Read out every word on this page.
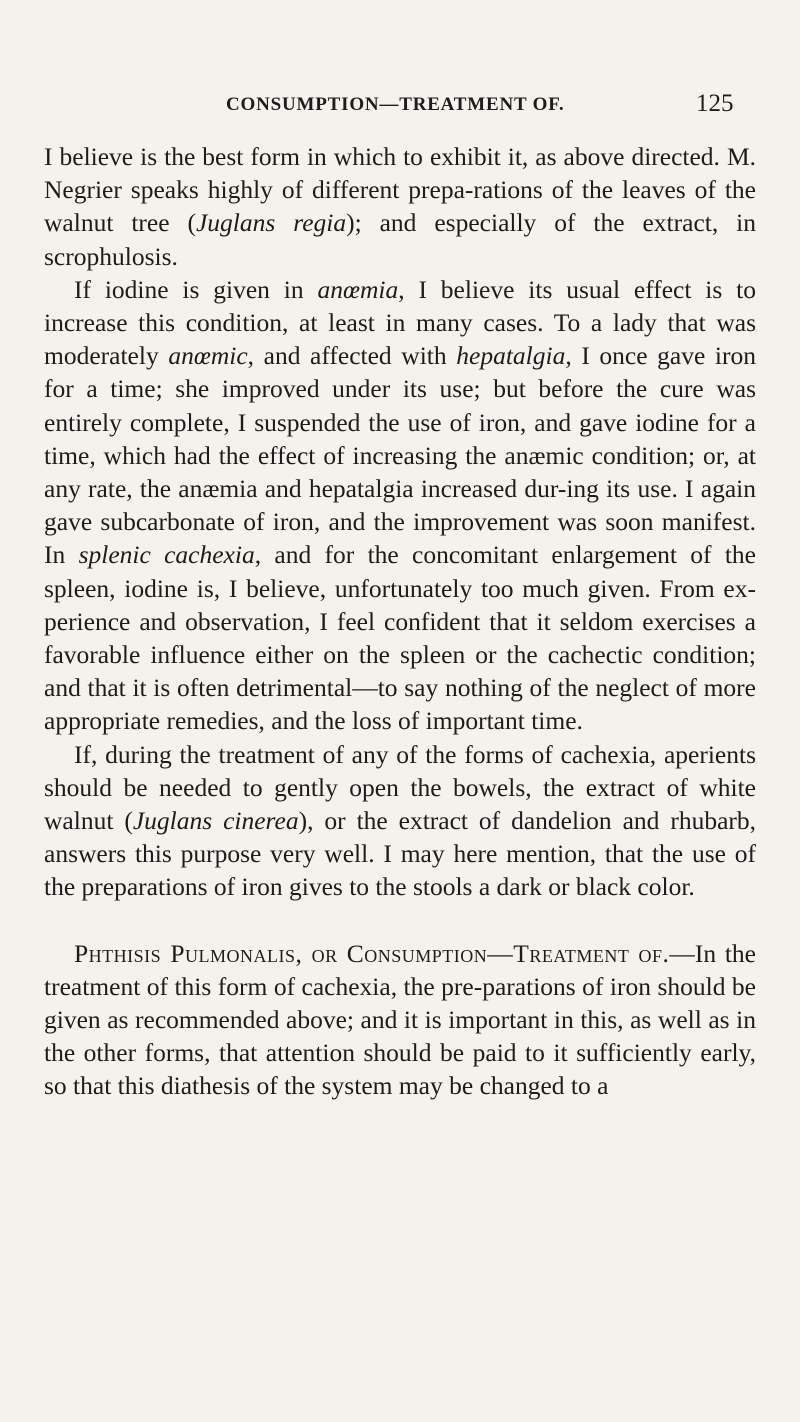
CONSUMPTION—TREATMENT OF.	125

I believe is the best form in which to exhibit it, as above directed. M. Negrier speaks highly of different prepa-rations of the leaves of the walnut tree (Juglans regia); and especially of the extract, in scrophulosis.

If iodine is given in anœmia, I believe its usual effect is to increase this condition, at least in many cases. To a lady that was moderately anœmic, and affected with hepatalgia, I once gave iron for a time; she improved under its use; but before the cure was entirely complete, I suspended the use of iron, and gave iodine for a time, which had the effect of increasing the anæmic condition; or, at any rate, the anæmia and hepatalgia increased dur-ing its use. I again gave subcarbonate of iron, and the improvement was soon manifest. In splenic cachexia, and for the concomitant enlargement of the spleen, iodine is, I believe, unfortunately too much given. From ex-perience and observation, I feel confident that it seldom exercises a favorable influence either on the spleen or the cachectic condition; and that it is often detrimental—to say nothing of the neglect of more appropriate remedies, and the loss of important time.

If, during the treatment of any of the forms of cachexia, aperients should be needed to gently open the bowels, the extract of white walnut (Juglans cinerea), or the extract of dandelion and rhubarb, answers this purpose very well. I may here mention, that the use of the preparations of iron gives to the stools a dark or black color.

Phthisis Pulmonalis, or Consumption—Treatment of.—In the treatment of this form of cachexia, the pre-parations of iron should be given as recommended above; and it is important in this, as well as in the other forms, that attention should be paid to it sufficiently early, so that this diathesis of the system may be changed to a
